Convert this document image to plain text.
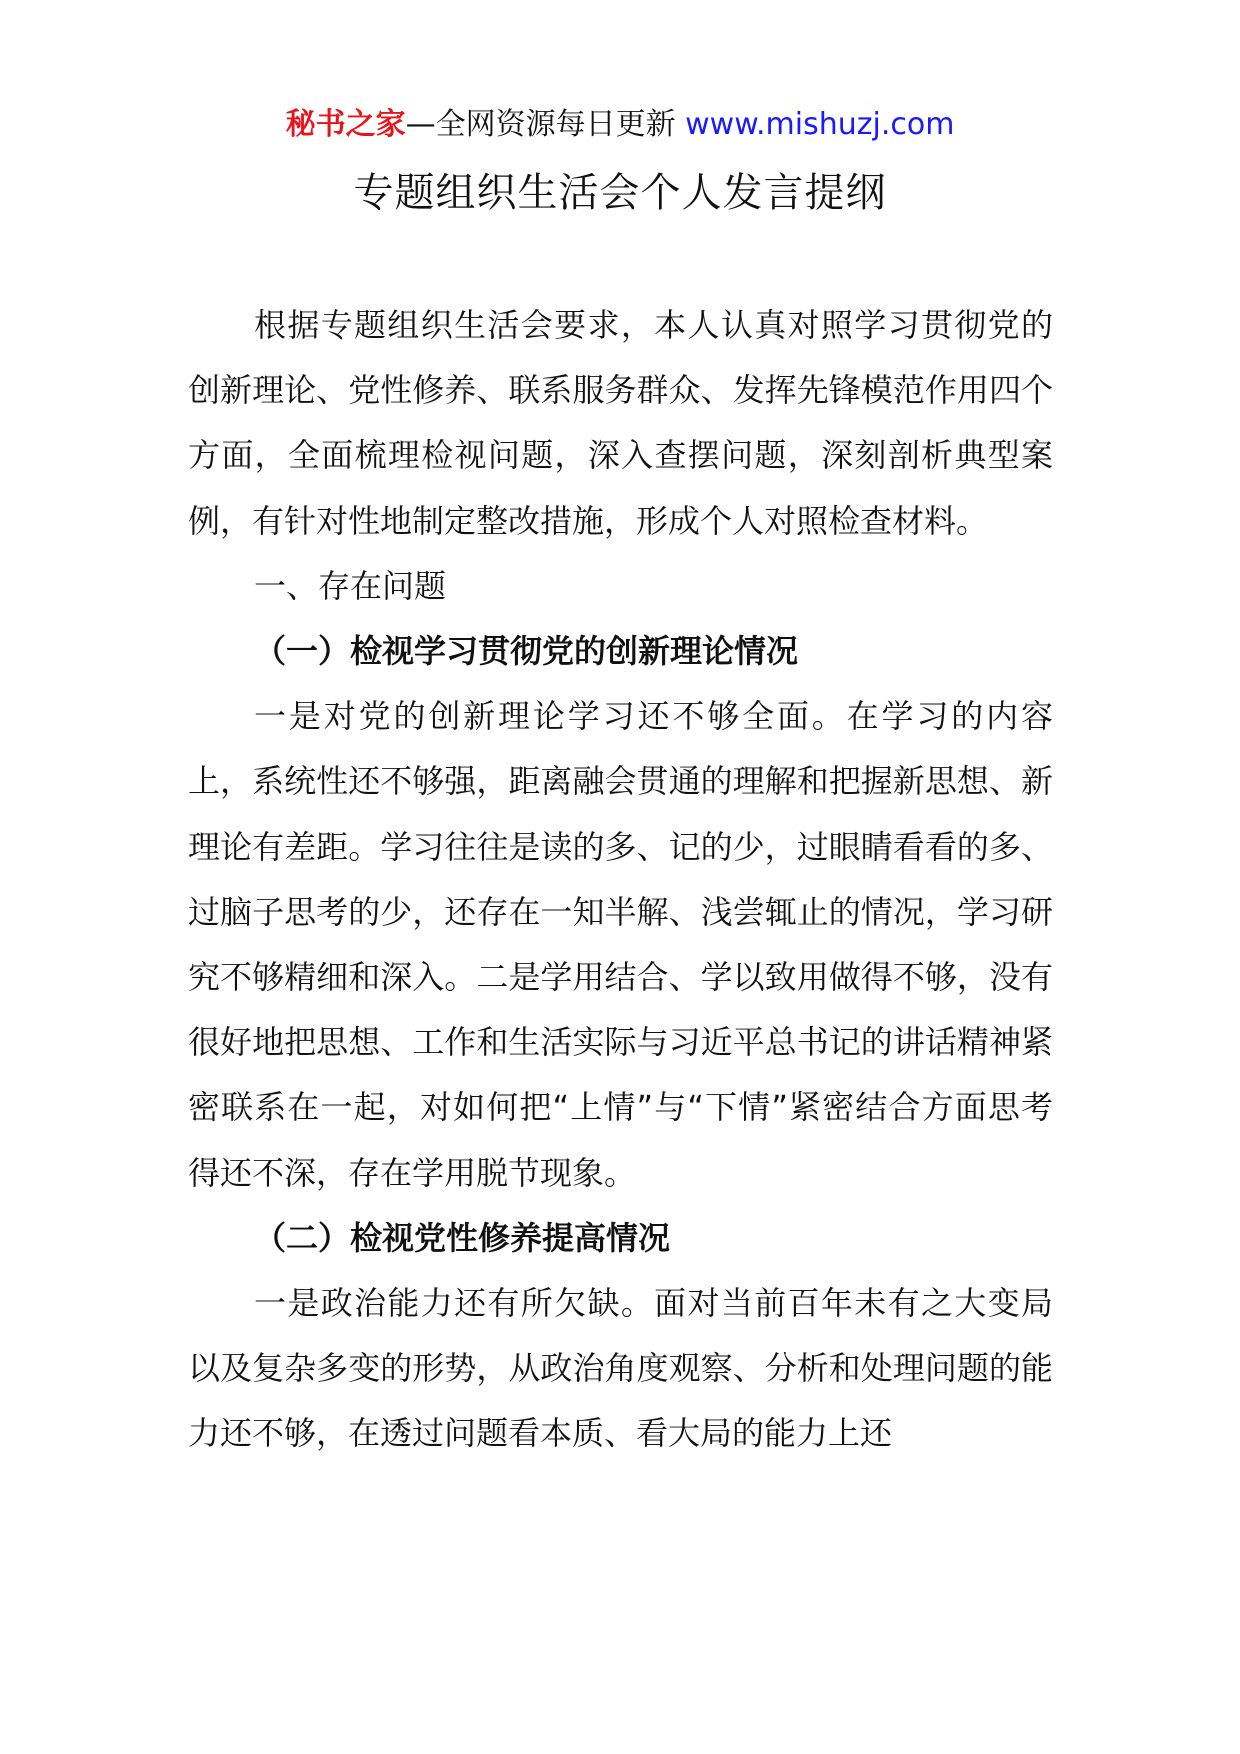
秘书之家—全网资源每日更新 www.mishuzj.com
专题组织生活会个人发言提纲

根据专题组织生活会要求，本人认真对照学习贯彻党的创新理论、党性修养、联系服务群众、发挥先锋模范作用四个方面，全面梳理检视问题，深入查摆问题，深刻剖析典型案例，有针对性地制定整改措施，形成个人对照检查材料。

一、存在问题

（一）检视学习贯彻党的创新理论情况

一是对党的创新理论学习还不够全面。在学习的内容上，系统性还不够强，距离融会贯通的理解和把握新思想、新理论有差距。学习往往是读的多、记的少，过眼睛看看的多、过脑子思考的少，还存在一知半解、浅尝辄止的情况，学习研究不够精细和深入。二是学用结合、学以致用做得不够，没有很好地把思想、工作和生活实际与习近平总书记的讲话精神紧密联系在一起，对如何把“上情”与“下情”紧密结合方面思考得还不深，存在学用脱节现象。

（二）检视党性修养提高情况

一是政治能力还有所欠缺。面对当前百年未有之大变局以及复杂多变的形势，从政治角度观察、分析和处理问题的能力还不够，在透过问题看本质、看大局的能力上还
